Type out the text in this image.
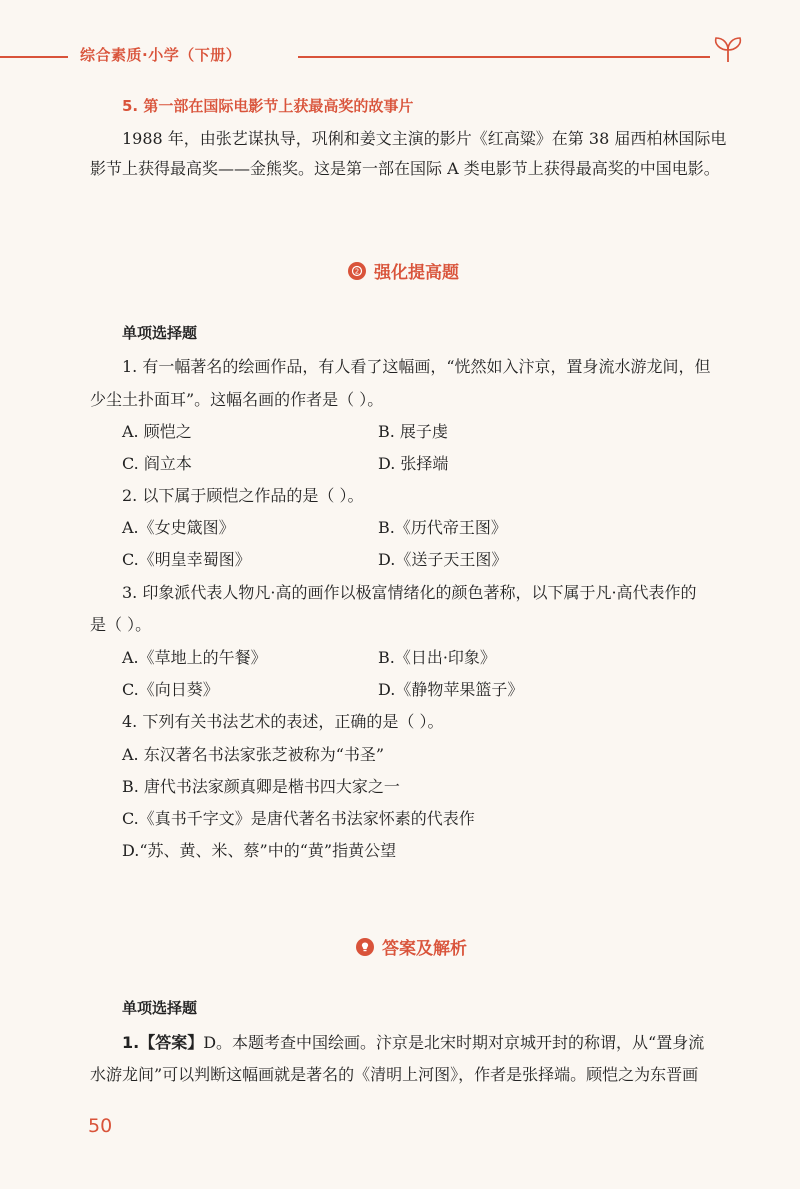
综合素质·小学（下册）
5. 第一部在国际电影节上获最高奖的故事片
1988 年，由张艺谋执导，巩俐和姜文主演的影片《红高粱》在第 38 届西柏林国际电
影节上获得最高奖——金熊奖。这是第一部在国际 A 类电影节上获得最高奖的中国电影。
2 强化提高题
单项选择题
1. 有一幅著名的绘画作品，有人看了这幅画，“恍然如入汴京，置身流水游龙间，但
少尘土扑面耳”。这幅名画的作者是（ ）。
A. 顾恺之	B. 展子虔
C. 阎立本	D. 张择端
2. 以下属于顾恺之作品的是（ ）。
A.《女史箴图》	B.《历代帝王图》
C.《明皇幸蜀图》	D.《送子天王图》
3. 印象派代表人物凡·高的画作以极富情绪化的颜色著称，以下属于凡·高代表作的
是（ ）。
A.《草地上的午餐》	B.《日出·印象》
C.《向日葵》	D.《静物苹果篮子》
4. 下列有关书法艺术的表述，正确的是（ ）。
A. 东汉著名书法家张芝被称为“书圣”
B. 唐代书法家颜真卿是楷书四大家之一
C.《真书千字文》是唐代著名书法家怀素的代表作
D.“苏、黄、米、蔡”中的“黄”指黄公望
答案及解析
单项选择题
1.【答案】D。本题考查中国绘画。汴京是北宋时期对京城开封的称谓，从“置身流
水游龙间”可以判断这幅画就是著名的《清明上河图》，作者是张择端。顾恺之为东晋画
50
